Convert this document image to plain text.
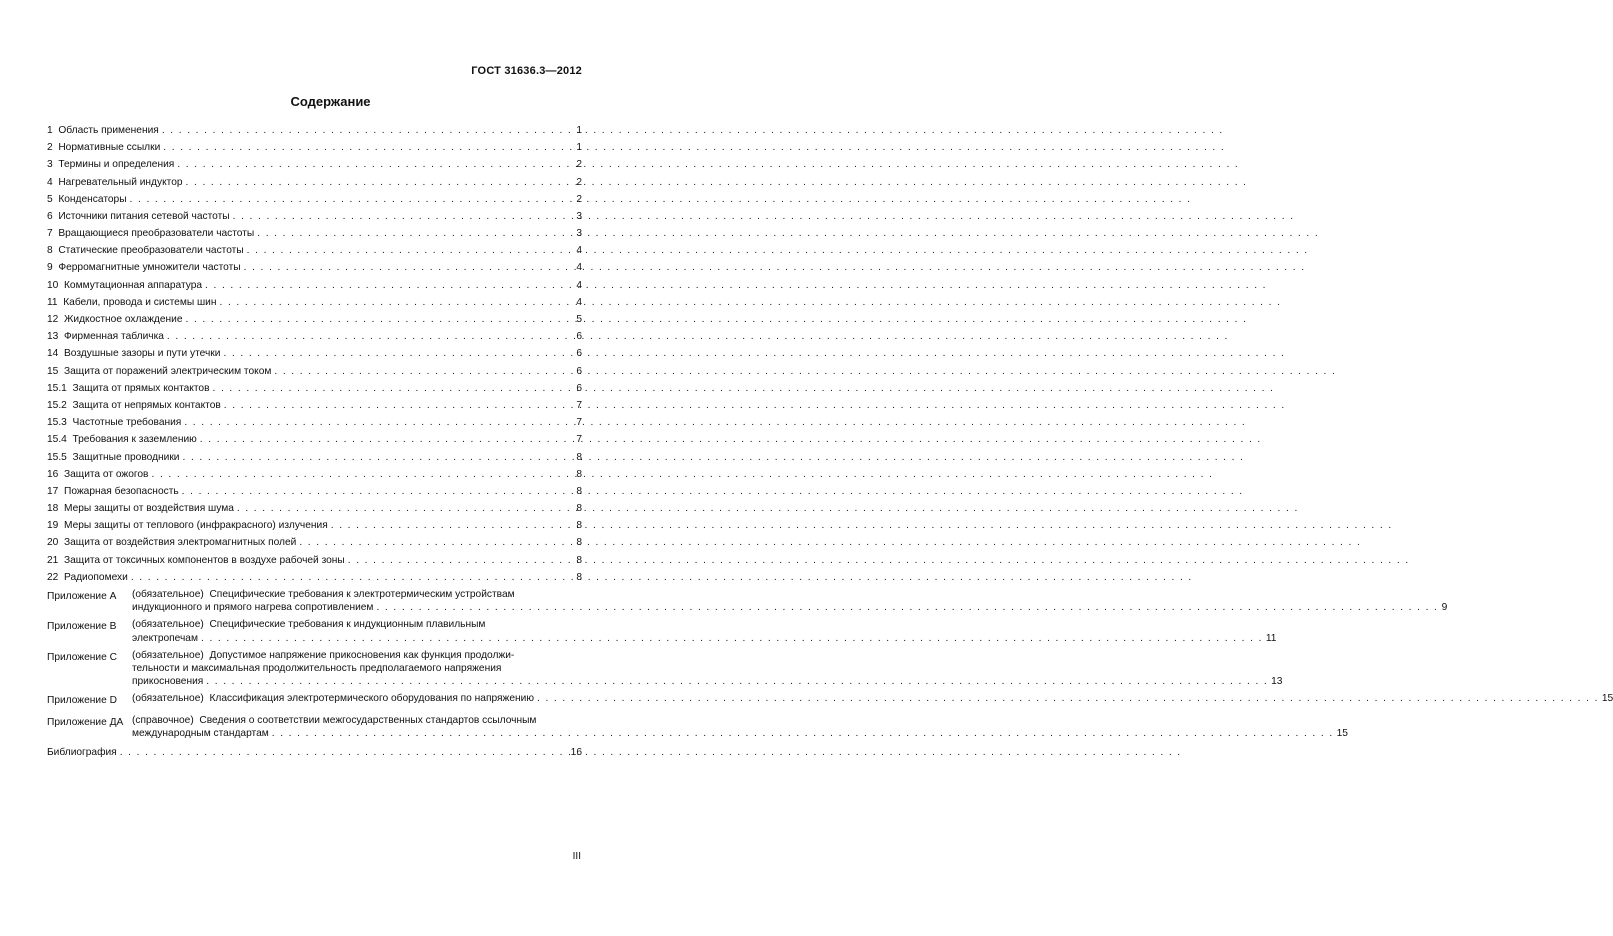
ГОСТ 31636.3—2012
Содержание
1  Область применения . . .	1
2  Нормативные ссылки . . .	1
3  Термины и определения . . .	2
4  Нагревательный индуктор . . .	2
5  Конденсаторы . . .	2
6  Источники питания сетевой частоты . . .	3
7  Вращающиеся преобразователи частоты . . .	3
8  Статические преобразователи частоты . . .	4
9  Ферромагнитные умножители частоты . . .	4
10  Коммутационная аппаратура . . .	4
11  Кабели, провода и системы шин . . .	4
12  Жидкостное охлаждение . . .	5
13  Фирменная табличка . . .	6
14  Воздушные зазоры и пути утечки . . .	6
15  Защита от поражений электрическим током . . .	6
15.1  Защита от прямых контактов . . .	6
15.2  Защита от непрямых контактов . . .	7
15.3  Частотные требования . . .	7
15.4  Требования к заземлению . . .	7
15.5  Защитные проводники . . .	8
16  Защита от ожогов . . .	8
17  Пожарная безопасность . . .	8
18  Меры защиты от воздействия шума . . .	8
19  Меры защиты от теплового (инфракрасного) излучения . . .	8
20  Защита от воздействия электромагнитных полей . . .	8
21  Защита от токсичных компонентов в воздухе рабочей зоны . . .	8
22  Радиопомехи . . .	8
Приложение А	(обязательное)  Специфические требования к электротермическим устройствам
индукционного и прямого нагрева сопротивлением . . .	9
Приложение В	(обязательное)  Специфические требования к индукционным плавильным
электропечам . . .	11
Приложение С	(обязательное)  Допустимое напряжение прикосновения как функция продолжи-
тельности и максимальная продолжительность предполагаемого напряжения
прикосновения . . .	13
Приложение D	(обязательное)  Классификация электротермического оборудования по напряжению . . .	15
Приложение ДА (справочное)  Сведения о соответствии межгосударственных стандартов ссылочным
международным стандартам . . .	15
Библиография . . .	16
III
